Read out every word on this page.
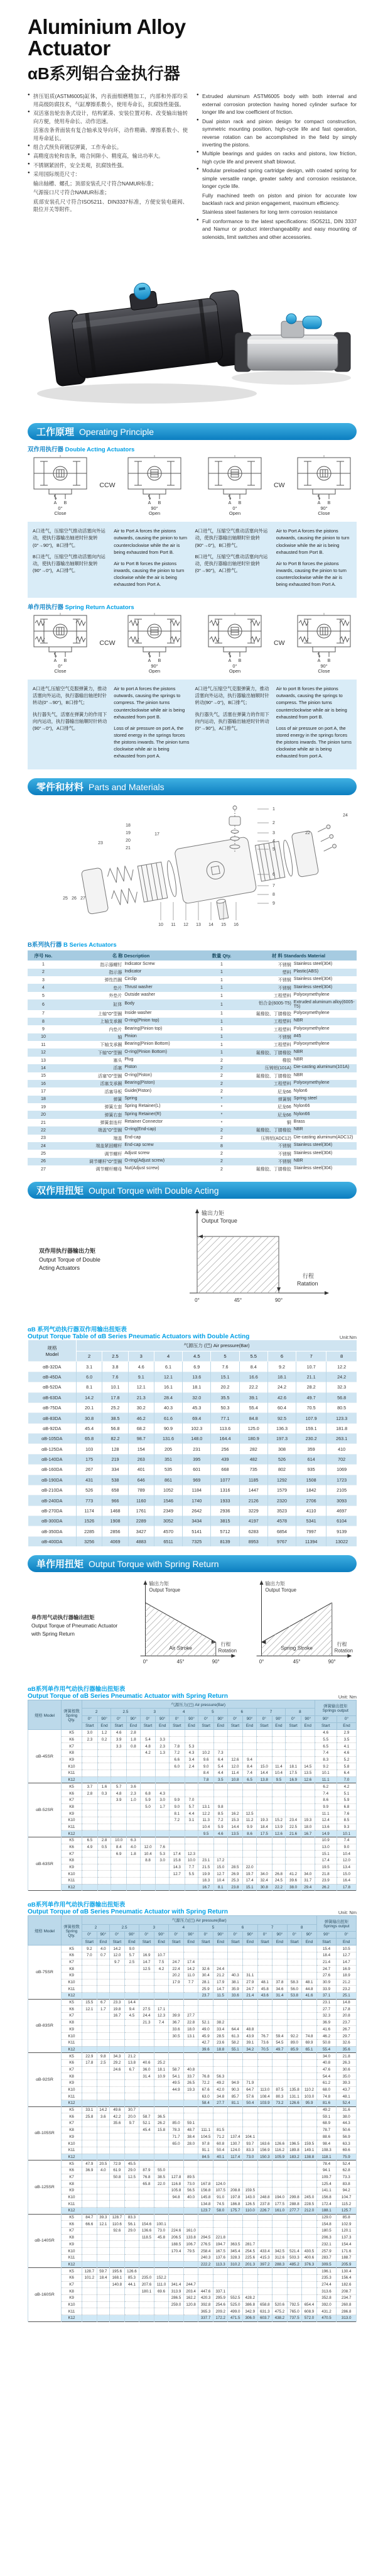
Aluminium Alloy
Actuator
αB系列铝合金执行器
● 挤压铝质(ASTM6005)缸体，内表面细磨精加工，内部和外部均采用高级防腐技术，气缸摩擦系数小，使用寿命长，抗腐蚀性能强。
● 双活塞齿轮齿条式设计，结构紧凑、安装位置对称、改变输出轴转向方便，使用寿命长、动作迅速。
活塞齿条背面装有复合轴承及导向环，动作精确、摩擦系数小、使用寿命延长。
● 组合式预负荷镀层弹簧，工作寿命长。
● 高精度齿轮和齿条，啮合间隙小、精度高，输出功率大。
● 不锈钢紧固件，安全美观，抗腐蚀性强。
● 采用国际规范尺寸：
输出轴槽、螺孔；顶部安装孔尺寸符合NAMUR标准；
气源接口尺寸符合NAMUR标准；
底部安装孔尺寸符合ISO5211、DIN3337标准，方便安装电磁阀、限位开关等附件。
● Extruded aluminum ASTM6005 body with both internal and external corrosion protection having honed cylinder surface for longer life and low coefficient of friction.
● Dual piston rack and pinion design for compact construction, symmetric mounting position, high-cycle life and fast operation, reverse rotation can be accomplished in the field by simply inverting the pistons.
● Multiple bearings and guides on racks and pistons, low friction, high cycle life and prevent shaft blowout.
● Modular preloaded spring cartridge design, with coated spring for simple versatile range, greater safety and corrosion resistance, longer cycle life.
Fully machined teeth on piston and pinion for accurate low backlash rack and pinion engagement, maximum efficiency.
Stainless steel fasteners for long term corrosion resistance
● Full conformance to the latest specifications: ISO5211, DIN 3337 and Namur or product interchangeability and easy mounting of solenoids, limit switches and other accessories.
工作原理 Operating Principle
双作用执行器 Double Acting Actuators
A B
0°
Close
CCW
A B
90°
Open

A B
0°
Open
CW
A B
90°
Close

A口进气，压缩空气推动活塞向外运动，使执行器输出轴逆时针旋转(0°→90°)，B口排气。

B口进气，压缩空气推动活塞向内运动，使执行器输出轴顺时针旋转(90°→0°)，A口排气。

Air to Port A forces the pistons outwards, causing the pinion to turn counterclockwise while the air is being exhausted from Port B.

Air to Port B forces the pistons inwards, causing the pinion to turn clockwise while the air is being exhausted from Port A.

A口进气，压缩空气推动活塞向外运动，使执行器输出轴顺时针旋转(90°→0°)，B口排气。

B口进气，压缩空气推动活塞向内运动，使执行器输出轴逆时针旋转(0°→90°)，A口排气。

Air to Port A forces the pistons outwards, causing the pinion to turn clockwise while the air is being exhausted from Port B.

Air to Port B forces the pistons inwards, causing the pinion to turn counterclockwise while the air is being exhausted from Port A.

单作用执行器 Spring Return Actuators
A B
0°
Close
CCW
A B
90°
Open

A B
0°
Open
CW
A B
90°
Close

A口进气,压缩空气克服弹簧力，推动活塞向外运动，执行器输出轴逆时针转动(0°→90°)，B口排气；

执行器失气，活塞在弹簧力的作用下向内运动，执行器输出轴顺时针转动(90°→0°)，A口排气。

Air to port A forces the pistons outwards, causing the springs to compress. The pinion turns counterclockwise while air is being exhausted from port B.

Loss of air pressure on port A, the stored energy in the springs forces the pistons inwards. The pinion turns clockwise while air is being exhausted from port A.

A口进气,压缩空气克服弹簧力，推动活塞向外运动，执行器输出轴顺时针转动(90°→0°)，B口排气；

执行器失气，活塞在弹簧力的作用下向内运动，执行器输出轴逆时针转动(0°→90°)，A口排气。

Air to port B forces the pistons outwards, causing the springs to compress. The pinion turns counterclockwise while air is being exhausted from port B.

Loss of air pressure on port A, the stored energy in the springs forces the pistons inwards. The pinion turns clockwise while air is being exhausted from port A.

零件和材料 Parts and Materials
1
2
3
4
5
6
7
8
9
10 11 12 13 14 15 16
17
18
19
20
21
22
23
24
25 26 27
B系列执行器 B Series Actuators
序号 No.	名 称 Description	数量 Qty.	材 料 Standards Material
1	指示器螺钉 Indicator Screw	1	不锈钢 Stainless steel(304)

2	指示器 Indicator	1	塑料 Plastic(ABS)

3	弹性挡圈 Circlip	1	不锈钢 Stainless steel(304)

4	垫片 Thrust washer	1	不锈钢 Stainless steel(304)

5	外垫片 Outside washer	1	工程塑料 Polyoxymethylene

6	缸体 Body	1	铝合金(6005-T5) Extruded aluminum alloy(6005-T5)

7	上轴"O"型圈 Inside washer	1	氟橡胶、丁腈橡胶 Polyoxymethylene

8	上轴支承圈 O-ring(Pinion top)	1	工程塑料 NBR

9	内垫片 Bearing(Pinion top)	1	工程塑料 Polyoxymethylene

10	轴 Pinion	1	不锈钢 #45

11	下轴支承圈 Bearing(Pinion Bottom)	1	工程塑料 Polyoxymethylene

12	下轴"O"型圈 O-ring(Pinion Bottom)	1	氟橡胶、丁腈橡胶 NBR

13	塞头 Plug	2	橡胶 NBR

14	活塞 Piston	2	压铸铝(101A) Die-casting aluminum(101A)

15	活塞"O"型圈 O-ring(Piston)	2	氟橡胶、丁腈橡胶 NBR

16	活塞支承圈 Bearing(Piston)	2	工程塑料 Polyoxymethylene

17	活塞导板 Guide(Piston)	2	尼龙66 Nylon6

18	弹簧 Spring	*	弹簧钢 Spring steel

19	弹簧左套 Spring Retainer(L)	*	尼龙66 Nylon66

20	弹簧右套 Spring Retainer(R)	*	尼龙66 Nylon66

21	弹簧套连杆 Retainer Connector	*	铜 Brass

22	端盖"O"型圈 O-ring(End-cap)	2	氟橡胶、丁腈橡胶 NBR

23	端盖 End-cap	2	压铸铝(ADC12) Die-casting aluminum(ADC12)

24	端盖紧固螺杆 End-cap screw	8	不锈钢 Stainless steel(304)

25	调节螺杆 Adjust screw	2	不锈钢 Stainless steel(304)

26	调节螺杆"O"型圈 O-ring(Adjust screw)	2	不锈钢 NBR

27	调节螺杆螺母 Nut(Adjust screw)	2	氟橡胶、丁腈橡胶 Stainless steel(304)
双作用扭矩 Output Torque with Double Acting
双作用执行器输出力矩
Output Torque of Double
Acting Actuators
输出力矩
Output Torque
行程
Ratation
0°	45°	90°
αB 系列气动执行器双作用输出扭矩表
Output Torque Table of αB Series Pneumatic Actuators with Double Acting	Unit:Nm
规格
Model	气源压力 (巴) Air pressure(Bar)									
	2	2.5	3	4	4.5	5	5.5	6	7	8
αB-32DA	3.1	3.8	4.6	6.1	6.9	7.6	8.4	9.2	10.7	12.2
αB-45DA	6.0	7.6	9.1	12.1	13.6	15.1	16.6	18.1	21.1	24.2
αB-52DA	8.1	10.1	12.1	16.1	18.1	20.2	22.2	24.2	28.2	32.3
αB-63DA	14.2	17.8	21.3	28.4	32.0	35.5	39.1	42.6	49.7	56.8
αB-75DA	20.1	25.2	30.2	40.3	45.3	50.3	55.4	60.4	70.5	80.5
αB-83DA	30.8	38.5	46.2	61.6	69.4	77.1	84.8	92.5	107.9	123.3
αB-92DA	45.4	56.8	68.2	90.9	102.3	113.6	125.0	136.3	159.1	181.8
αB-105DA	65.8	82.2	98.7	131.6	148.0	164.4	180.9	197.3	230.2	263.1
αB-125DA	103	128	154	205	231	256	282	308	359	410
αB-140DA	175	219	263	351	395	439	482	526	614	702
αB-160DA	267	334	401	535	601	668	735	802	935	1069
αB-190DA	431	538	646	861	969	1077	1185	1292	1508	1723
αB-210DA	526	658	789	1052	1184	1316	1447	1579	1842	2105
αB-240DA	773	966	1160	1546	1740	1933	2126	2320	2706	3093
αB-270DA	1174	1468	1761	2349	2642	2936	3229	3523	4110	4697
αB-300DA	1526	1908	2289	3052	3434	3815	4197	4578	5341	6104
αB-350DA	2285	2856	3427	4570	5141	5712	6283	6854	7997	9139
αB-400DA	3256	4069	4883	6511	7325	8139	8953	9767	11394	13022
单作用扭矩 Output Torque with Spring Return
单作用气动执行器输出扭矩
Output Torque of Pneumatic Actuator
with Spring Return
输出力矩
Output Torque
行程
Rotation
Air Stroke
0°	45°	90°
输出力矩
Output Torque
行程
Rotation
Spring Stroke
0°	45°	90°
αB系列单作用气动执行器输出扭矩表
Output Torque of αB Series Pneumatic Actuator with Spring Return	Unit: Nm
规格 Model	
弹簧根数
Spring Qty.
	气源压力(巴) Air pressure(Bar)	弹簧输出扭矩
Springs output

		2		2.5		3		4		5		6		7		8			
		0°	90°	0°	90°	0°	90°	0°	90°	0°	90°	0°	90°	0°	90°	0°	90°	90°	0°
		Start	End	Start	End	Start	End	Start	End	Start	End	Start	End	Start	End	Start	End	Start	End
αB-45SR	K5	3.0	1.2	4.6	2.8													4.6	2.9
	K6	2.3	0.2	3.9	1.8	5.4	3.3											5.5	3.5
	K7			3.3	0.8	4.8	2.3	7.8	5.3									6.5	4.1
	K8					4.2	1.3	7.2	4.3	10.2	7.3							7.4	4.6
	K9							6.6	3.4	9.6	6.4	12.6	9.4					8.3	5.2
	K10							6.0	2.4	9.0	5.4	12.0	8.4	15.0	11.4	18.1	14.5	9.2	5.8
	K11									8.4	4.4	11.4	7.4	14.4	10.4	17.5	13.5	10.1	6.4
	K12									7.8	3.5	10.8	6.5	13.8	9.5	16.9	12.6	11.1	7.0
αB-52SR	K5	3.7	1.6	5.7	3.6													6.2	4.2
	K6	2.8	0.3	4.8	2.3	6.8	4.3											7.4	5.1
	K7			3.9	1.0	5.9	3.0	9.9	7.0									8.6	5.9
	K8					5.0	1.7	9.0	5.7	13.1	9.8							9.9	6.8
	K9							8.1	4.4	12.2	8.5	16.2	12.5					11.1	7.6
	K10							7.2	3.1	11.3	7.2	15.3	11.2	19.3	15.2	23.4	19.3	12.4	8.5
	K11									10.4	5.9	14.4	9.9	18.4	13.9	22.5	18.0	13.6	9.3
	K12									9.5	4.6	13.5	8.6	17.5	12.6	21.6	16.7	14.9	10.1
αB-63SR	K5	6.5	2.8	10.0	6.3													10.9	7.4
	K6	4.9	0.5	8.4	4.0	12.0	7.6											13.0	9.0
	K7			6.9	1.8	10.4	5.3	17.4	12.3									15.1	10.4
	K8					8.8	3.0	15.8	10.0	23.1	17.2							17.4	12.0
	K9							14.3	7.7	21.5	15.0	28.5	22.0					19.5	13.4
	K10							12.7	5.5	19.9	12.7	26.9	19.7	34.0	26.8	41.2	34.0	21.8	15.0
	K11									18.3	10.4	25.3	17.4	32.4	24.5	39.6	31.7	23.9	16.4
	K12									16.7	8.1	23.8	15.1	30.8	22.2	38.0	29.4	26.2	17.8
αB系列单作用气动执行器输出扭矩表
Output Torque of αB Series Pneumatic Actuator with Spring Return	Unit: Nm
规格 Model	
弹簧根数
Spring Qty.
	气源压力(巴) Air pressure(Bar)	弹簧输出扭矩
Springs output

		2		2.5		3		4		5		6		7		8			
		0°	90°	0°	90°	0°	90°	0°	90°	0°	90°	0°	90°	0°	90°	0°	90°	90°	0°
		Start	End	Start	End	Start	End	Start	End	Start	End	Start	End	Start	End	Start	End	Start	End
αB-75SR	K5	9.2	4.0	14.2	9.0													15.4	10.5
	K6	7.0	0.7	12.0	5.7	16.9	10.7											18.4	12.7
	K7			9.7	2.5	14.7	7.5	24.7	17.4									21.4	14.7
	K8					12.5	4.2	22.4	14.2	32.6	24.4							24.7	16.9
	K9							20.2	11.0	30.4	21.2	40.3	31.1					27.6	18.9
	K10							17.9	7.7	28.1	17.9	38.1	27.9	48.1	37.8	58.3	48.1	30.9	21.2
	K11									25.9	14.7	35.9	24.7	45.8	34.6	56.0	44.8	33.9	23.2
	K12									23.7	11.5	33.6	21.4	43.6	31.4	53.8	41.6	37.1	25.1
αB-83SR	K5	15.5	6.7	23.3	14.4													23.1	14.8
	K6	12.1	1.7	19.8	9.4	27.5	17.1											27.7	17.8
	K7			16.7	4.5	24.4	12.3	39.9	27.7									32.3	20.8
	K8					21.3	7.4	36.7	22.8	52.1	38.2							36.9	23.7
	K9							33.6	18.0	49.0	33.4	64.4	48.8					41.6	26.7
	K10							30.5	13.1	45.9	28.5	61.3	43.9	76.7	59.4	92.2	74.8	46.2	29.7
	K11									42.7	23.6	58.2	39.1	73.6	54.5	89.0	69.9	50.8	32.6
	K12									39.6	18.8	55.1	34.2	70.5	49.7	85.9	65.1	55.4	35.6
αB-92SR	K5	22.9	9.8	34.3	21.2													34.0	21.8
	K6	17.8	2.5	29.2	13.8	40.6	25.2											40.8	26.3
	K7			24.6	6.7	36.0	18.1	58.7	40.8									47.6	30.6
	K8					31.4	10.9	54.1	33.7	76.8	56.3							54.4	35.0
	K9							49.5	26.5	72.2	49.2	94.9	71.9					61.2	39.3
	K10							44.9	19.3	67.6	42.0	90.3	64.7	113.0	87.5	135.8	110.2	68.0	43.7
	K11									63.0	34.8	85.7	57.6	108.4	80.3	131.1	103.0	74.8	48.1
	K12									58.4	27.7	81.1	50.4	103.9	73.2	126.6	95.9	81.6	52.4
αB-105SR	K5	33.1	14.2	49.6	30.7													49.2	31.6
	K6	25.8	3.6	42.2	20.0	58.7	36.5											59.1	38.0
	K7			35.6	9.7	52.1	26.2	85.0	59.1									68.9	44.3
	K8					45.4	15.8	78.3	48.7	111.1	81.5							78.7	50.6
	K9							71.7	38.4	104.5	71.2	137.4	104.1					88.6	56.9
	K10							65.0	28.0	97.8	60.8	130.7	93.7	163.6	126.6	196.5	159.5	98.4	63.3
	K11									91.1	50.4	124.0	83.3	156.9	116.2	189.8	149.1	108.3	69.6
	K12									84.5	40.1	117.4	73.0	150.3	105.9	183.2	138.8	118.1	75.9
αB-125SR	K5	47.9	20.5	72.9	45.5													78.4	52.4
	K6	36.9	4.0	61.9	29.0	87.9	55.0											94.1	62.8
	K7			50.8	12.5	76.8	38.5	127.8	89.5									109.7	73.3
	K8					65.8	22.0	116.8	73.0	167.8	124.0							125.4	83.8
	K9							105.8	56.5	156.8	107.5	208.8	159.5					141.1	94.2
	K10							94.8	40.0	145.8	91.0	197.8	143.0	248.8	194.0	299.8	245.0	156.8	104.7
	K11									134.8	74.5	186.8	126.5	237.8	177.5	288.8	228.5	172.4	115.2
	K12									123.7	58.0	175.7	110.0	226.7	161.0	277.7	212.0	188.1	125.7
αB-140SR	K5	84.7	39.3	128.7	83.3													129.0	85.8
	K6	66.6	12.1	110.6	56.1	154.6	100.1											154.8	102.9
	K7			92.6	29.0	136.6	73.0	224.6	161.0									180.5	120.1
	K8					118.5	45.8	206.5	133.8	294.5	221.8							206.3	137.3
	K9							188.5	106.7	276.5	194.7	363.5	281.7					232.1	154.4
	K10							170.4	79.5	258.4	167.5	345.4	254.5	433.4	342.5	521.4	430.5	257.9	171.6
	K11									240.3	137.6	328.3	225.6	415.3	312.6	503.3	400.6	283.7	188.7
	K12									222.2	113.3	310.2	201.3	397.2	288.3	485.2	376.3	309.5	205.9
αB-160SR	K5	128.7	59.7	195.6	126.6													196.1	130.4
	K6	101.2	18.4	168.1	85.3	235.0	152.2											235.3	156.4
	K7			140.8	44.1	207.6	111.0	341.4	244.7									274.4	182.6
	K8					180.1	69.6	313.9	203.4	447.6	337.1							313.6	208.7
	K9							286.5	162.2	420.3	295.9	552.5	428.2					352.8	234.7
	K10							259.0	120.8	392.8	254.6	525.0	386.8	658.8	520.6	792.5	654.4	392.0	260.8
	K11									365.3	209.2	499.0	342.9	631.3	475.2	765.0	608.9	431.2	286.8
	K12									337.7	172.2	471.5	306.0	603.7	438.2	737.5	572.0	470.5	313.0
